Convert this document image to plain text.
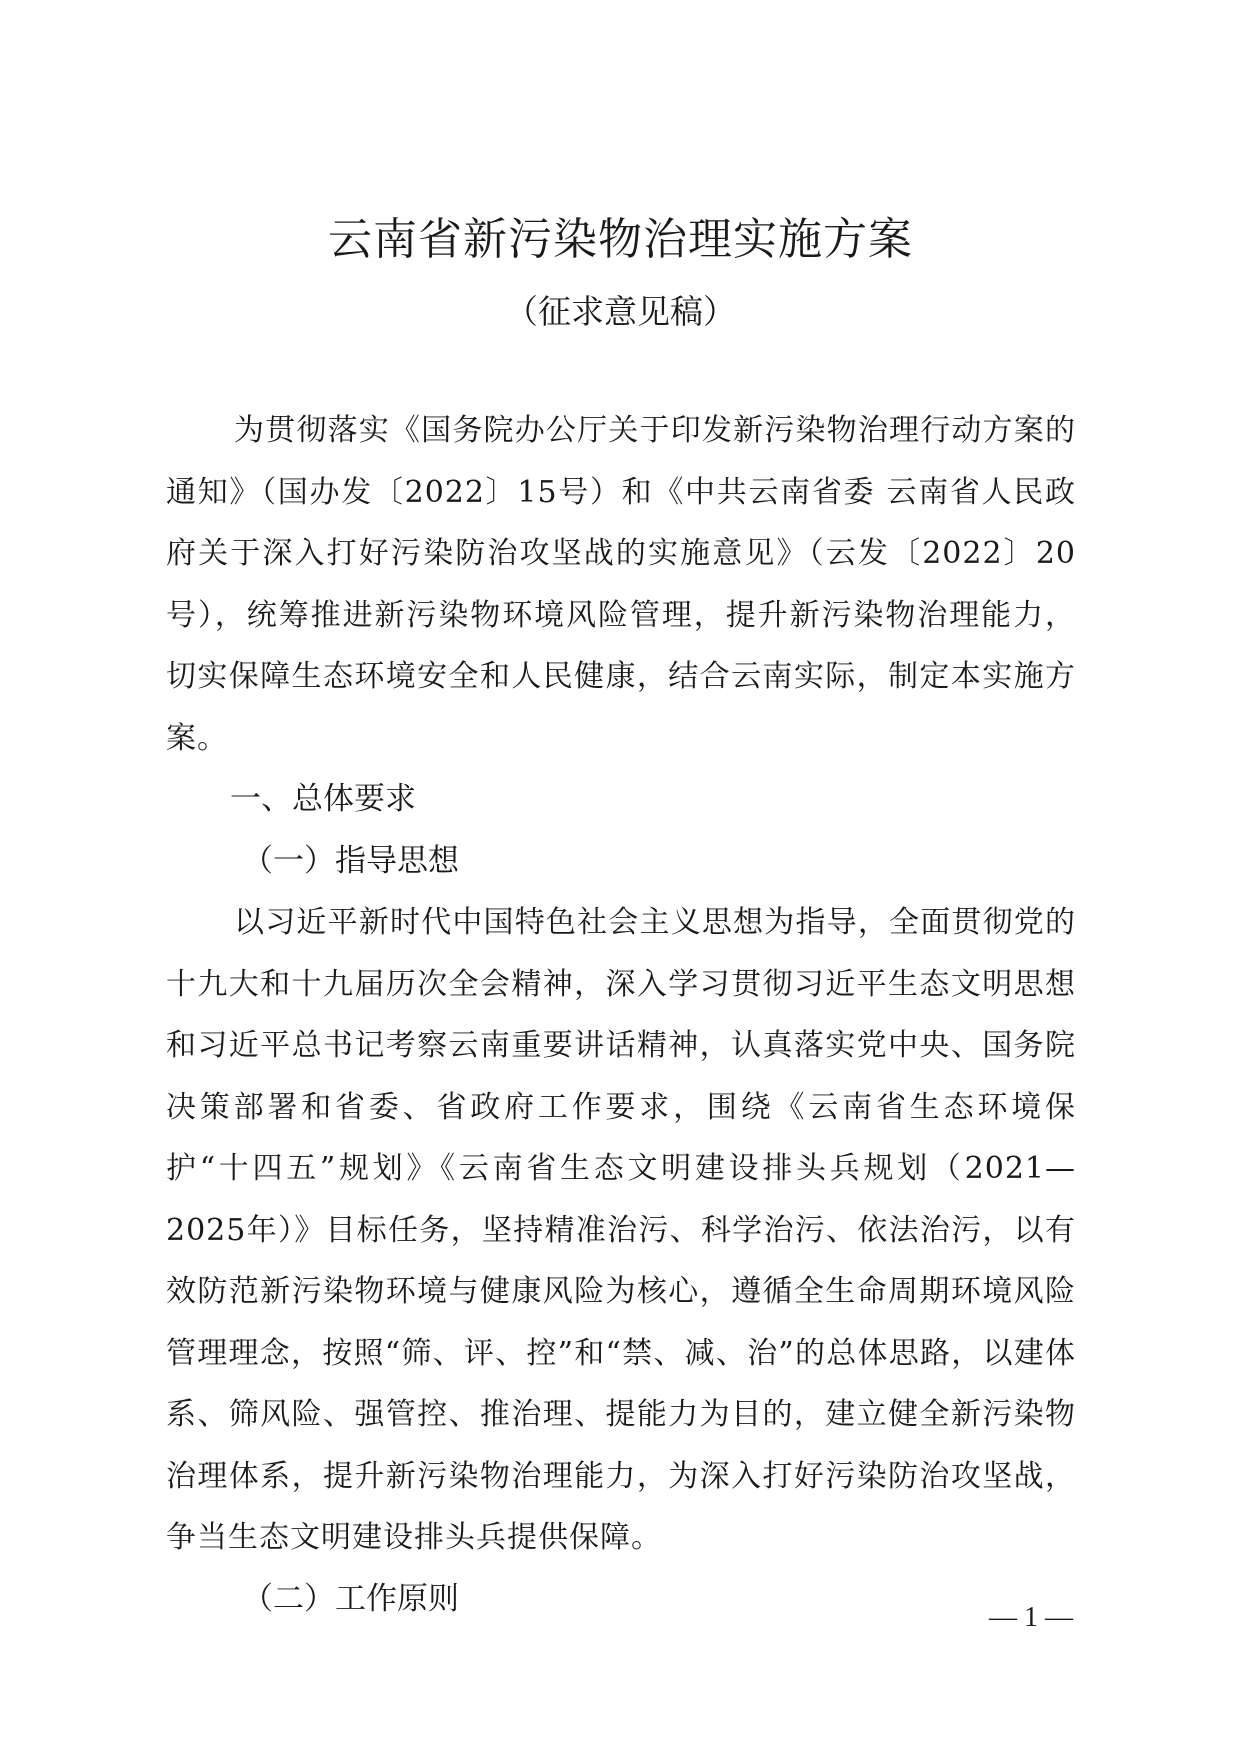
云南省新污染物治理实施方案
（征求意见稿）

为贯彻落实《国务院办公厅关于印发新污染物治理行动方案的通知》（国办发〔2022〕15号）和《中共云南省委 云南省人民政府关于深入打好污染防治攻坚战的实施意见》（云发〔2022〕20号），统筹推进新污染物环境风险管理，提升新污染物治理能力，切实保障生态环境安全和人民健康，结合云南实际，制定本实施方案。

一、总体要求
（一）指导思想

以习近平新时代中国特色社会主义思想为指导，全面贯彻党的十九大和十九届历次全会精神，深入学习贯彻习近平生态文明思想和习近平总书记考察云南重要讲话精神，认真落实党中央、国务院决策部署和省委、省政府工作要求，围绕《云南省生态环境保护“十四五”规划》《云南省生态文明建设排头兵规划（2021—2025年）》目标任务，坚持精准治污、科学治污、依法治污，以有效防范新污染物环境与健康风险为核心，遵循全生命周期环境风险管理理念，按照“筛、评、控”和“禁、减、治”的总体思路，以建体系、筛风险、强管控、推治理、提能力为目的，建立健全新污染物治理体系，提升新污染物治理能力，为深入打好污染防治攻坚战，争当生态文明建设排头兵提供保障。

（二）工作原则
— 1 —
